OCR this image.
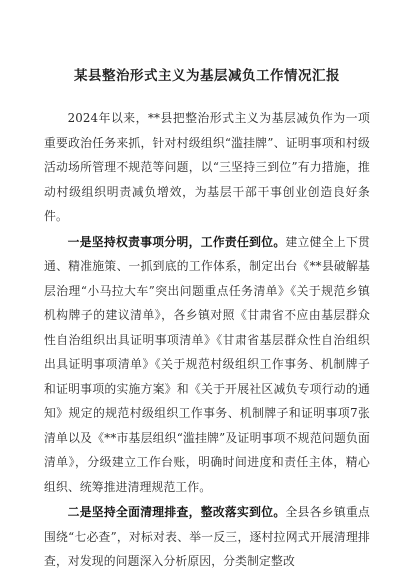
某县整治形式主义为基层减负工作情况汇报

2024年以来，**县把整治形式主义为基层减负作为一项重要政治任务来抓，针对村级组织“滥挂牌”、证明事项和村级活动场所管理不规范等问题，以“三坚持三到位”有力措施，推动村级组织明责减负增效，为基层干部干事创业创造良好条件。

一是坚持权责事项分明，工作责任到位。建立健全上下贯通、精准施策、一抓到底的工作体系，制定出台《**县破解基层治理“小马拉大车”突出问题重点任务清单》《关于规范乡镇机构牌子的建议清单》，各乡镇对照《甘肃省不应由基层群众性自治组织出具证明事项清单》《甘肃省基层群众性自治组织出具证明事项清单》《关于规范村级组织工作事务、机制牌子和证明事项的实施方案》和《关于开展社区减负专项行动的通知》规定的规范村级组织工作事务、机制牌子和证明事项7张清单以及《**市基层组织“滥挂牌”及证明事项不规范问题负面清单》，分级建立工作台账，明确时间进度和责任主体，精心组织、统筹推进清理规范工作。

二是坚持全面清理排查，整改落实到位。全县各乡镇重点围绕“七必查”，对标对表、举一反三，逐村拉网式开展清理排查，对发现的问题深入分析原因，分类制定整改
